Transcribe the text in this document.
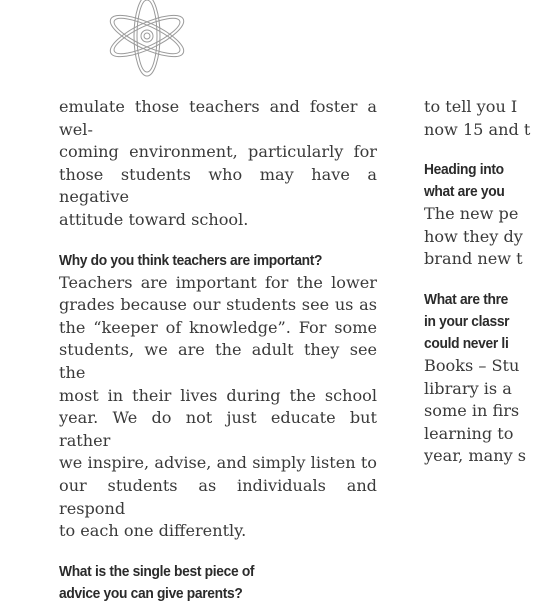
emulate those teachers and foster a wel-
coming environment, particularly for
those students who may have a negative
attitude toward school.

Why do you think teachers are important?

Teachers are important for the lower
grades because our students see us as
the “keeper of knowledge”. For some
students, we are the adult they see the
most in their lives during the school
year. We do not just educate but rather
we inspire, advise, and simply listen to
our students as individuals and respond
to each one differently.

What is the single best piece of
advice you can give parents?

to tell you I
now 15 and t

Heading into
what are you

The new pe
how they dy
brand new t

What are thre
in your classr
could never li

Books – Stu
library is a
some in firs
learning to
year, many s
